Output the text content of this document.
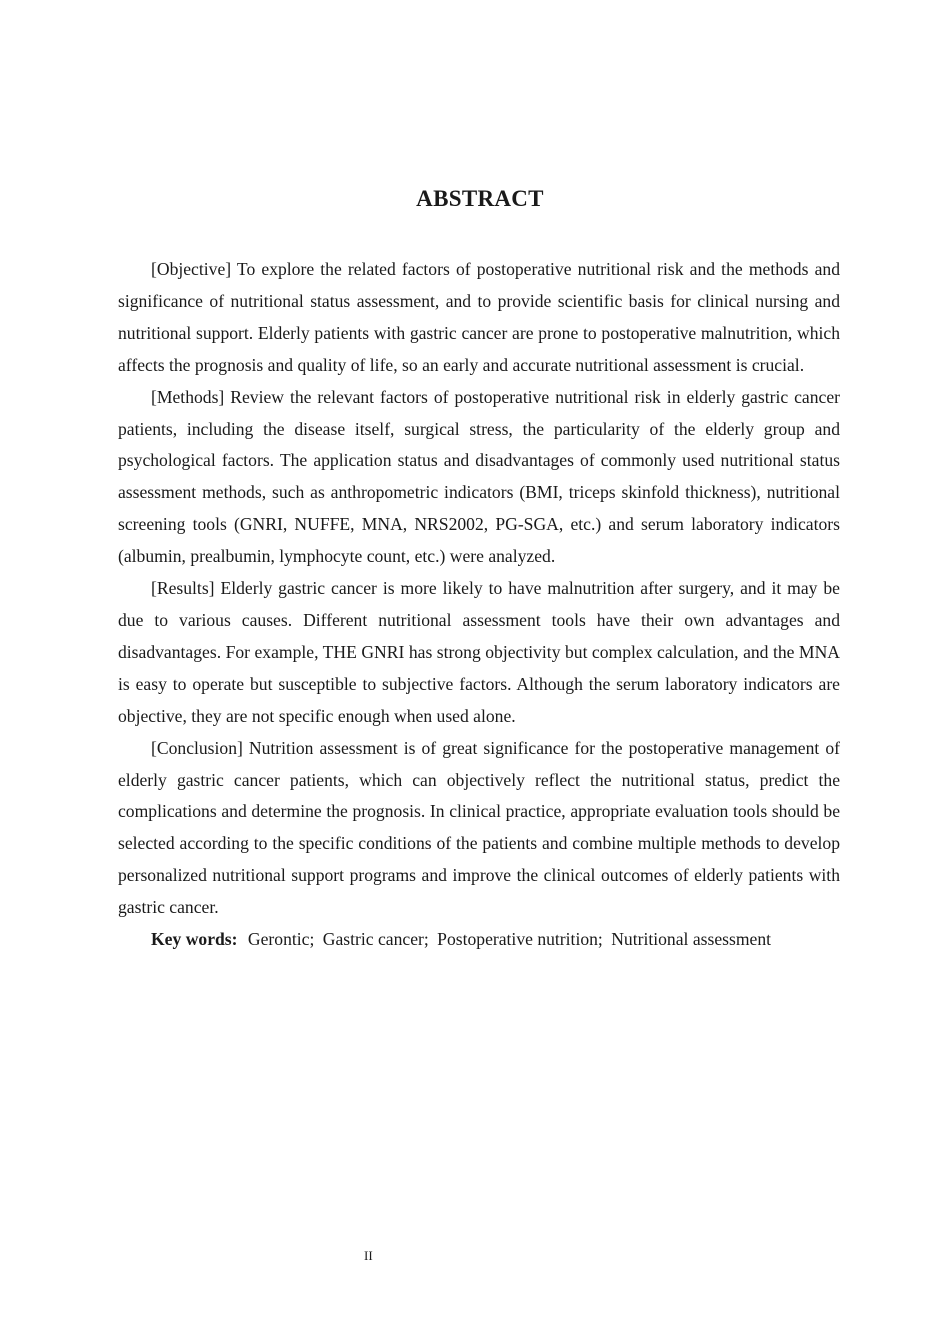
ABSTRACT

[Objective] To explore the related factors of postoperative nutritional risk and the methods and significance of nutritional status assessment, and to provide scientific basis for clinical nursing and nutritional support. Elderly patients with gastric cancer are prone to postoperative malnutrition, which affects the prognosis and quality of life, so an early and accurate nutritional assessment is crucial.

[Methods] Review the relevant factors of postoperative nutritional risk in elderly gastric cancer patients, including the disease itself, surgical stress, the particularity of the elderly group and psychological factors. The application status and disadvantages of commonly used nutritional status assessment methods, such as anthropometric indicators (BMI, triceps skinfold thickness), nutritional screening tools (GNRI, NUFFE, MNA, NRS2002, PG-SGA, etc.) and serum laboratory indicators (albumin, prealbumin, lymphocyte count, etc.) were analyzed.

[Results] Elderly gastric cancer is more likely to have malnutrition after surgery, and it may be due to various causes. Different nutritional assessment tools have their own advantages and disadvantages. For example, THE GNRI has strong objectivity but complex calculation, and the MNA is easy to operate but susceptible to subjective factors. Although the serum laboratory indicators are objective, they are not specific enough when used alone.

[Conclusion] Nutrition assessment is of great significance for the postoperative management of elderly gastric cancer patients, which can objectively reflect the nutritional status, predict the complications and determine the prognosis. In clinical practice, appropriate evaluation tools should be selected according to the specific conditions of the patients and combine multiple methods to develop personalized nutritional support programs and improve the clinical outcomes of elderly patients with gastric cancer.

Key words: Gerontic; Gastric cancer; Postoperative nutrition; Nutritional assessment

II
